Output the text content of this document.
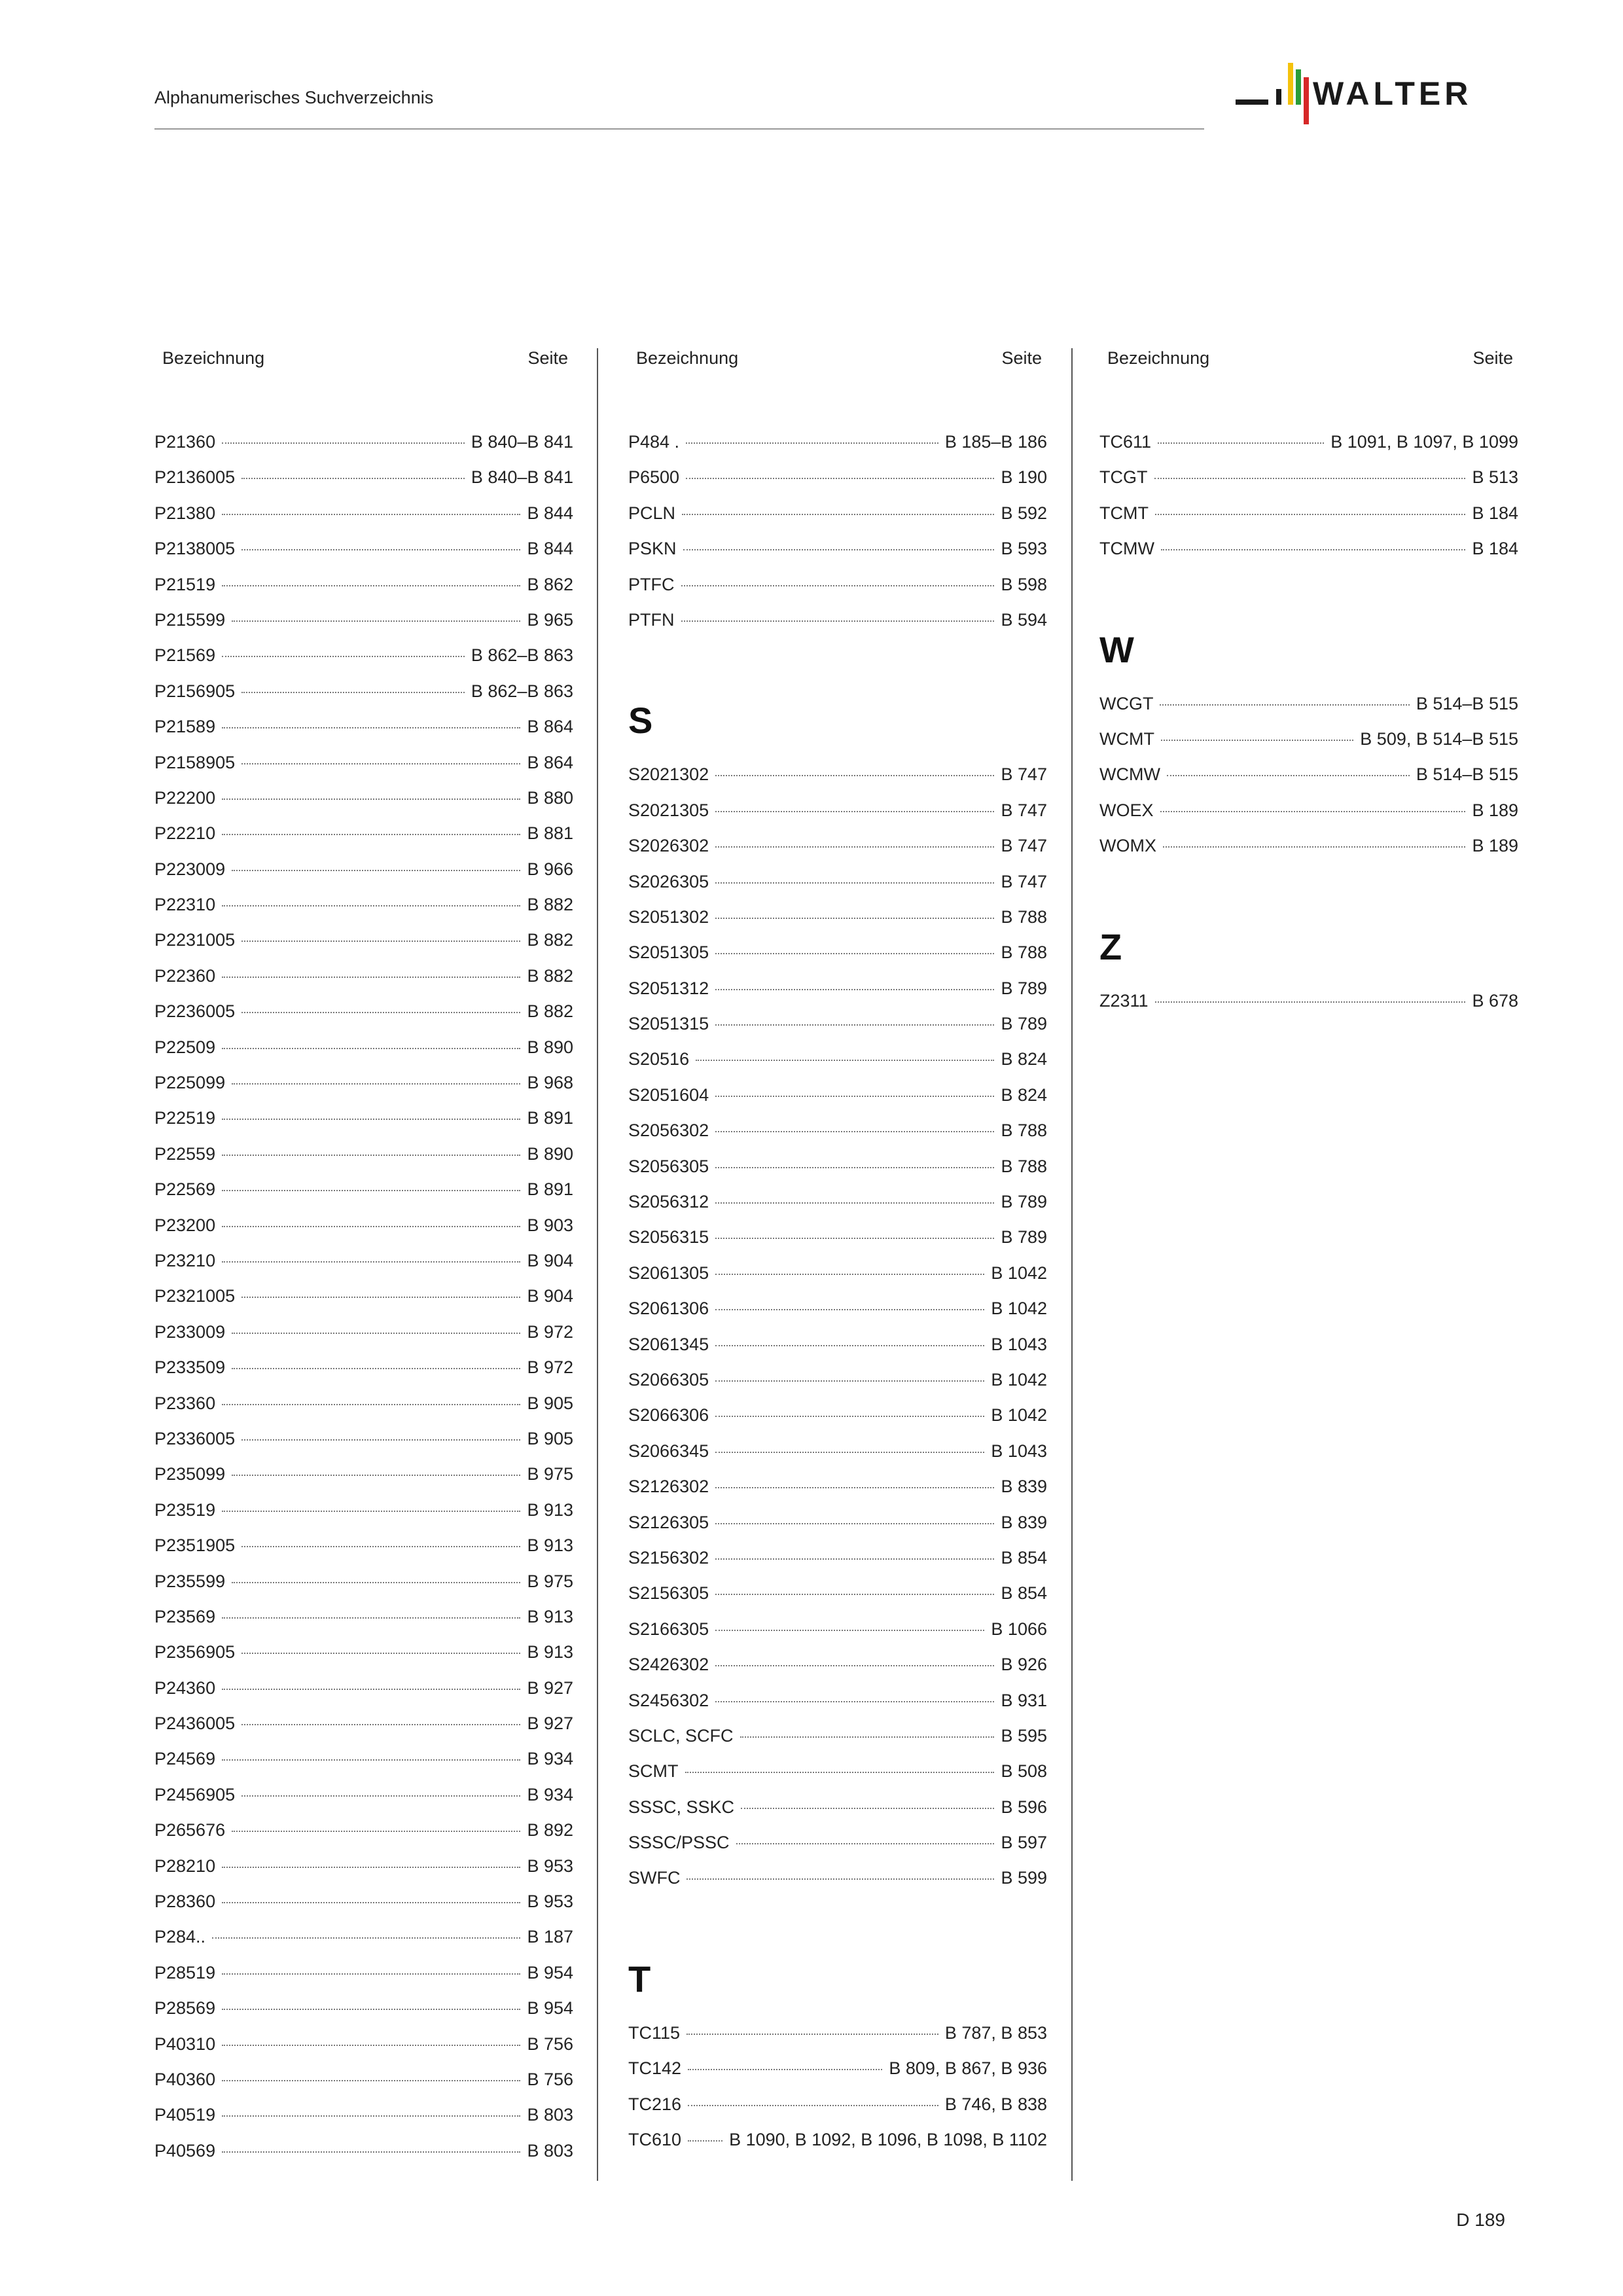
Alphanumerisches Suchverzeichnis	WALTER
Bezeichnung	Seite
P21360	B 840–B 841
P2136005	B 840–B 841
P21380	B 844
P2138005	B 844
P21519	B 862
P215599	B 965
P21569	B 862–B 863
P2156905	B 862–B 863
P21589	B 864
P2158905	B 864
P22200	B 880
P22210	B 881
P223009	B 966
P22310	B 882
P2231005	B 882
P22360	B 882
P2236005	B 882
P22509	B 890
P225099	B 968
P22519	B 891
P22559	B 890
P22569	B 891
P23200	B 903
P23210	B 904
P2321005	B 904
P233009	B 972
P233509	B 972
P23360	B 905
P2336005	B 905
P235099	B 975
P23519	B 913
P2351905	B 913
P235599	B 975
P23569	B 913
P2356905	B 913
P24360	B 927
P2436005	B 927
P24569	B 934
P2456905	B 934
P265676	B 892
P28210	B 953
P28360	B 953
P284..	B 187
P28519	B 954
P28569	B 954
P40310	B 756
P40360	B 756
P40519	B 803
P40569	B 803
Bezeichnung	Seite
P484 .	B 185–B 186
P6500	B 190
PCLN	B 592
PSKN	B 593
PTFC	B 598
PTFN	B 594
S
S2021302	B 747
S2021305	B 747
S2026302	B 747
S2026305	B 747
S2051302	B 788
S2051305	B 788
S2051312	B 789
S2051315	B 789
S20516	B 824
S2051604	B 824
S2056302	B 788
S2056305	B 788
S2056312	B 789
S2056315	B 789
S2061305	B 1042
S2061306	B 1042
S2061345	B 1043
S2066305	B 1042
S2066306	B 1042
S2066345	B 1043
S2126302	B 839
S2126305	B 839
S2156302	B 854
S2156305	B 854
S2166305	B 1066
S2426302	B 926
S2456302	B 931
SCLC, SCFC	B 595
SCMT	B 508
SSSC, SSKC	B 596
SSSC/PSSC	B 597
SWFC	B 599
T
TC115	B 787, B 853
TC142	B 809, B 867, B 936
TC216	B 746, B 838
TC610	B 1090, B 1092, B 1096, B 1098, B 1102
Bezeichnung	Seite
TC611	B 1091, B 1097, B 1099
TCGT	B 513
TCMT	B 184
TCMW	B 184
W
WCGT	B 514–B 515
WCMT	B 509, B 514–B 515
WCMW	B 514–B 515
WOEX	B 189
WOMX	B 189
Z
Z2311	B 678
D 189
